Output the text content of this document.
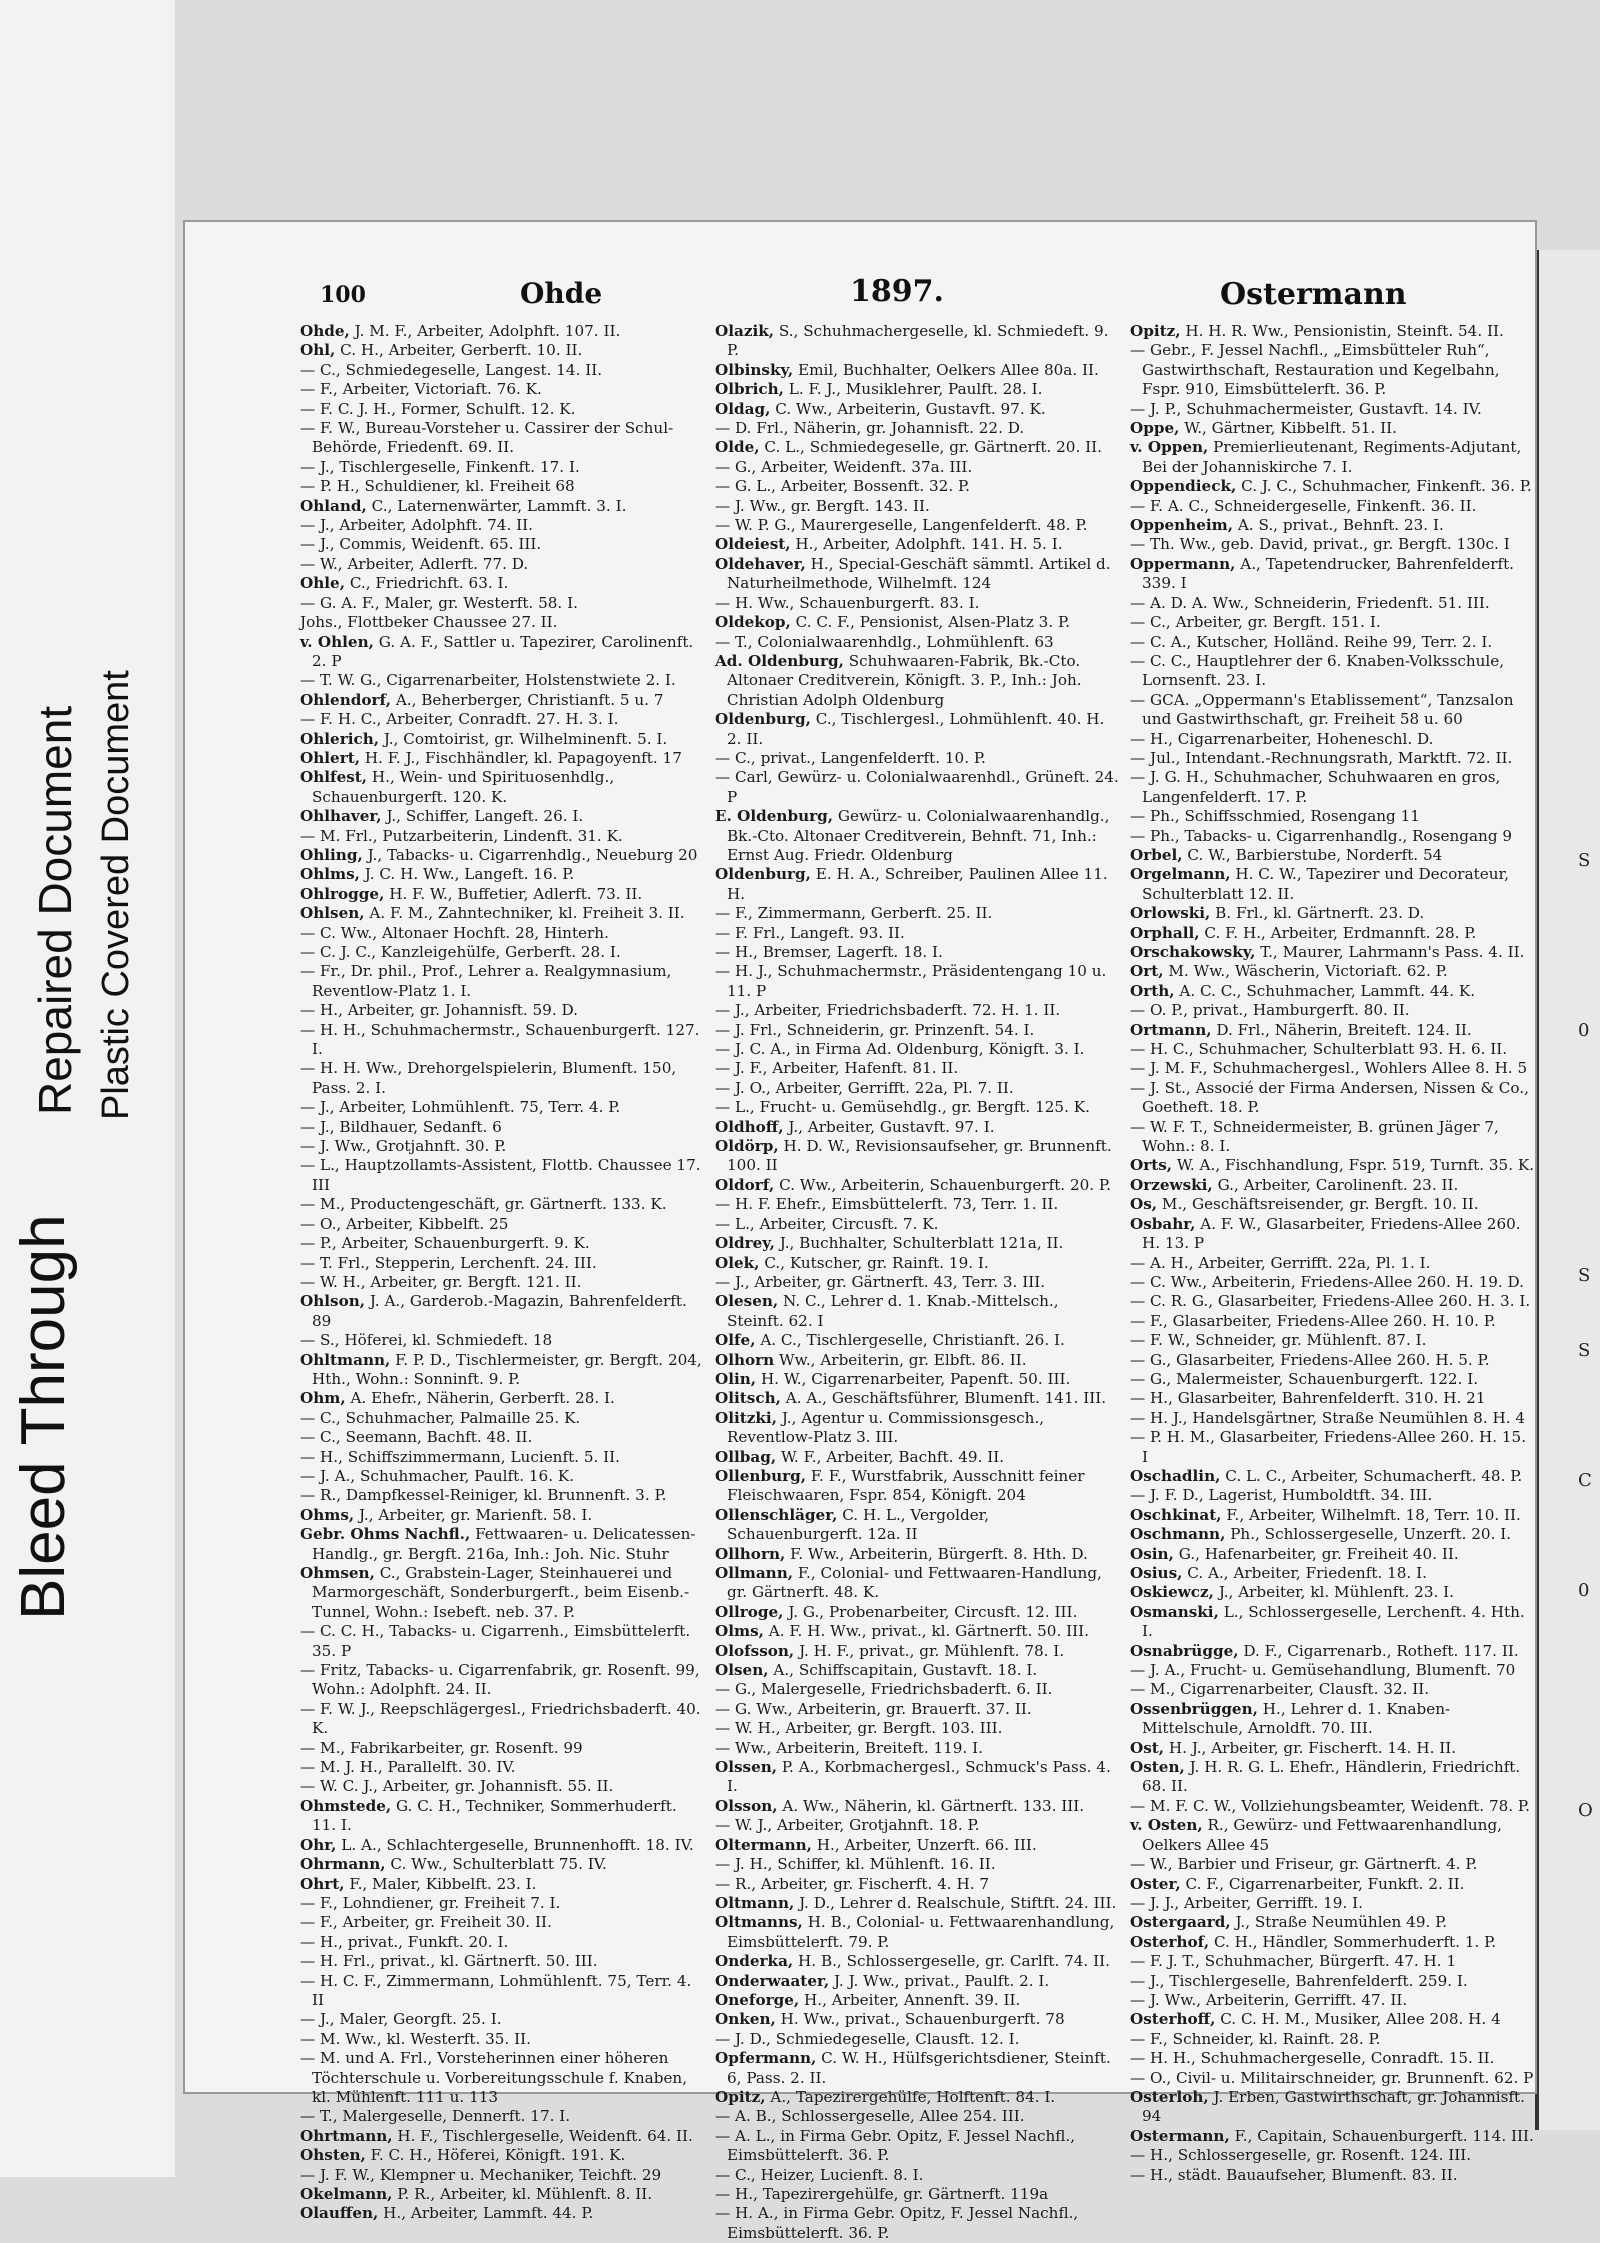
Bleed Through
Repaired Document Plastic Covered Document	S
0
S
S
C
0
O
100	Ohde	1897.	Ostermann
Ohde, J. M. F., Arbeiter, Adolphft. 107. II.
Ohl, C. H., Arbeiter, Gerberft. 10. II.
— C., Schmiedegeselle, Langest. 14. II.
— F., Arbeiter, Victoriaft. 76. K.
— F. C. J. H., Former, Schulft. 12. K.
— F. W., Bureau-Vorsteher u. Cassirer der Schul-Behörde, Friedenft. 69. II.
— J., Tischlergeselle, Finkenft. 17. I.
— P. H., Schuldiener, kl. Freiheit 68
Ohland, C., Laternenwärter, Lammft. 3. I.
— J., Arbeiter, Adolphft. 74. II.
— J., Commis, Weidenft. 65. III.
— W., Arbeiter, Adlerft. 77. D.
Ohle, C., Friedrichft. 63. I.
— G. A. F., Maler, gr. Westerft. 58. I.
Johs., Flottbeker Chaussee 27. II.
v. Ohlen, G. A. F., Sattler u. Tapezirer, Carolinenft. 2. P
— T. W. G., Cigarrenarbeiter, Holstenstwiete 2. I.
Ohlendorf, A., Beherberger, Christianft. 5 u. 7
— F. H. C., Arbeiter, Conradft. 27. H. 3. I.
Ohlerich, J., Comtoirist, gr. Wilhelminenft. 5. I.
Ohlert, H. F. J., Fischhändler, kl. Papagoyenft. 17
Ohlfest, H., Wein- und Spirituosenhdlg., Schauenburgerft. 120. K.
Ohlhaver, J., Schiffer, Langeft. 26. I.
— M. Frl., Putzarbeiterin, Lindenft. 31. K.
Ohling, J., Tabacks- u. Cigarrenhdlg., Neueburg 20
Ohlms, J. C. H. Ww., Langeft. 16. P.
Ohlrogge, H. F. W., Buffetier, Adlerft. 73. II.
Ohlsen, A. F. M., Zahntechniker, kl. Freiheit 3. II.
— C. Ww., Altonaer Hochft. 28, Hinterh.
— C. J. C., Kanzleigehülfe, Gerberft. 28. I.
— Fr., Dr. phil., Prof., Lehrer a. Realgymnasium, Reventlow-Platz 1. I.
— H., Arbeiter, gr. Johannisft. 59. D.
— H. H., Schuhmachermstr., Schauenburgerft. 127. I.
— H. H. Ww., Drehorgelspielerin, Blumenft. 150, Pass. 2. I.
— J., Arbeiter, Lohmühlenft. 75, Terr. 4. P.
— J., Bildhauer, Sedanft. 6
— J. Ww., Grotjahnft. 30. P.
— L., Hauptzollamts-Assistent, Flottb. Chaussee 17. III
— M., Productengeschäft, gr. Gärtnerft. 133. K.
— O., Arbeiter, Kibbelft. 25
— P., Arbeiter, Schauenburgerft. 9. K.
— T. Frl., Stepperin, Lerchenft. 24. III.
— W. H., Arbeiter, gr. Bergft. 121. II.
Ohlson, J. A., Garderob.-Magazin, Bahrenfelderft. 89
— S., Höferei, kl. Schmiedeft. 18
Ohltmann, F. P. D., Tischlermeister, gr. Bergft. 204, Hth., Wohn.: Sonninft. 9. P.
Ohm, A. Ehefr., Näherin, Gerberft. 28. I.
— C., Schuhmacher, Palmaille 25. K.
— C., Seemann, Bachft. 48. II.
— H., Schiffszimmermann, Lucienft. 5. II.
— J. A., Schuhmacher, Paulft. 16. K.
— R., Dampfkessel-Reiniger, kl. Brunnenft. 3. P.
Ohms, J., Arbeiter, gr. Marienft. 58. I.
Gebr. Ohms Nachfl., Fettwaaren- u. Delicatessen-Handlg., gr. Bergft. 216a, Inh.: Joh. Nic. Stuhr
Ohmsen, C., Grabstein-Lager, Steinhauerei und Marmorgeschäft, Sonderburgerft., beim Eisenb.-Tunnel, Wohn.: Isebeft. neb. 37. P.
— C. C. H., Tabacks- u. Cigarrenh., Eimsbüttelerft. 35. P
— Fritz, Tabacks- u. Cigarrenfabrik, gr. Rosenft. 99, Wohn.: Adolphft. 24. II.
— F. W. J., Reepschlägergesl., Friedrichsbaderft. 40. K.
— M., Fabrikarbeiter, gr. Rosenft. 99
— M. J. H., Parallelft. 30. IV.
— W. C. J., Arbeiter, gr. Johannisft. 55. II.
Ohmstede, G. C. H., Techniker, Sommerhuderft. 11. I.
Ohr, L. A., Schlachtergeselle, Brunnenhofft. 18. IV.
Ohrmann, C. Ww., Schulterblatt 75. IV.
Ohrt, F., Maler, Kibbelft. 23. I.
— F., Lohndiener, gr. Freiheit 7. I.
— F., Arbeiter, gr. Freiheit 30. II.
— H., privat., Funkft. 20. I.
— H. Frl., privat., kl. Gärtnerft. 50. III.
— H. C. F., Zimmermann, Lohmühlenft. 75, Terr. 4. II
— J., Maler, Georgft. 25. I.
— M. Ww., kl. Westerft. 35. II.
— M. und A. Frl., Vorsteherinnen einer höheren Töchterschule u. Vorbereitungsschule f. Knaben, kl. Mühlenft. 111 u. 113
— T., Malergeselle, Dennerft. 17. I.
Ohrtmann, H. F., Tischlergeselle, Weidenft. 64. II.
Ohsten, F. C. H., Höferei, Königft. 191. K.
— J. F. W., Klempner u. Mechaniker, Teichft. 29
Okelmann, P. R., Arbeiter, kl. Mühlenft. 8. II.
Olauffen, H., Arbeiter, Lammft. 44. P.
Olazik, S., Schuhmachergeselle, kl. Schmiedeft. 9. P.
Olbinsky, Emil, Buchhalter, Oelkers Allee 80a. II.
Olbrich, L. F. J., Musiklehrer, Paulft. 28. I.
Oldag, C. Ww., Arbeiterin, Gustavft. 97. K.
— D. Frl., Näherin, gr. Johannisft. 22. D.
Olde, C. L., Schmiedegeselle, gr. Gärtnerft. 20. II.
— G., Arbeiter, Weidenft. 37a. III.
— G. L., Arbeiter, Bossenft. 32. P.
— J. Ww., gr. Bergft. 143. II.
— W. P. G., Maurergeselle, Langenfelderft. 48. P.
Oldeiest, H., Arbeiter, Adolphft. 141. H. 5. I.
Oldehaver, H., Special-Geschäft sämmtl. Artikel d. Naturheilmethode, Wilhelmft. 124
— H. Ww., Schauenburgerft. 83. I.
Oldekop, C. C. F., Pensionist, Alsen-Platz 3. P.
— T., Colonialwaarenhdlg., Lohmühlenft. 63
Ad. Oldenburg, Schuhwaaren-Fabrik, Bk.-Cto. Altonaer Creditverein, Königft. 3. P., Inh.: Joh. Christian Adolph Oldenburg
Oldenburg, C., Tischlergesl., Lohmühlenft. 40. H. 2. II.
— C., privat., Langenfelderft. 10. P.
— Carl, Gewürz- u. Colonialwaarenhdl., Grüneft. 24. P
E. Oldenburg, Gewürz- u. Colonialwaarenhandlg., Bk.-Cto. Altonaer Creditverein, Behnft. 71, Inh.: Ernst Aug. Friedr. Oldenburg
Oldenburg, E. H. A., Schreiber, Paulinen Allee 11. H.
— F., Zimmermann, Gerberft. 25. II.
— F. Frl., Langeft. 93. II.
— H., Bremser, Lagerft. 18. I.
— H. J., Schuhmachermstr., Präsidentengang 10 u. 11. P
— J., Arbeiter, Friedrichsbaderft. 72. H. 1. II.
— J. Frl., Schneiderin, gr. Prinzenft. 54. I.
— J. C. A., in Firma Ad. Oldenburg, Königft. 3. I.
— J. F., Arbeiter, Hafenft. 81. II.
— J. O., Arbeiter, Gerrifft. 22a, Pl. 7. II.
— L., Frucht- u. Gemüsehdlg., gr. Bergft. 125. K.
Oldhoff, J., Arbeiter, Gustavft. 97. I.
Oldörp, H. D. W., Revisionsaufseher, gr. Brunnenft. 100. II
Oldorf, C. Ww., Arbeiterin, Schauenburgerft. 20. P.
— H. F. Ehefr., Eimsbüttelerft. 73, Terr. 1. II.
— L., Arbeiter, Circusft. 7. K.
Oldrey, J., Buchhalter, Schulterblatt 121a, II.
Olek, C., Kutscher, gr. Rainft. 19. I.
— J., Arbeiter, gr. Gärtnerft. 43, Terr. 3. III.
Olesen, N. C., Lehrer d. 1. Knab.-Mittelsch., Steinft. 62. I
Olfe, A. C., Tischlergeselle, Christianft. 26. I.
Olhorn Ww., Arbeiterin, gr. Elbft. 86. II.
Olin, H. W., Cigarrenarbeiter, Papenft. 50. III.
Olitsch, A. A., Geschäftsführer, Blumenft. 141. III.
Olitzki, J., Agentur u. Commissionsgesch., Reventlow-Platz 3. III.
Ollbag, W. F., Arbeiter, Bachft. 49. II.
Ollenburg, F. F., Wurstfabrik, Ausschnitt feiner Fleischwaaren, Fspr. 854, Königft. 204
Ollenschläger, C. H. L., Vergolder, Schauenburgerft. 12a. II
Ollhorn, F. Ww., Arbeiterin, Bürgerft. 8. Hth. D.
Ollmann, F., Colonial- und Fettwaaren-Handlung, gr. Gärtnerft. 48. K.
Ollroge, J. G., Probenarbeiter, Circusft. 12. III.
Olms, A. F. H. Ww., privat., kl. Gärtnerft. 50. III.
Olofsson, J. H. F., privat., gr. Mühlenft. 78. I.
Olsen, A., Schiffscapitain, Gustavft. 18. I.
— G., Malergeselle, Friedrichsbaderft. 6. II.
— G. Ww., Arbeiterin, gr. Brauerft. 37. II.
— W. H., Arbeiter, gr. Bergft. 103. III.
— Ww., Arbeiterin, Breiteft. 119. I.
Olssen, P. A., Korbmachergesl., Schmuck's Pass. 4. I.
Olsson, A. Ww., Näherin, kl. Gärtnerft. 133. III.
— W. J., Arbeiter, Grotjahnft. 18. P.
Oltermann, H., Arbeiter, Unzerft. 66. III.
— J. H., Schiffer, kl. Mühlenft. 16. II.
— R., Arbeiter, gr. Fischerft. 4. H. 7
Oltmann, J. D., Lehrer d. Realschule, Stiftft. 24. III.
Oltmanns, H. B., Colonial- u. Fettwaarenhandlung, Eimsbüttelerft. 79. P.
Onderka, H. B., Schlossergeselle, gr. Carlft. 74. II.
Onderwaater, J. J. Ww., privat., Paulft. 2. I.
Oneforge, H., Arbeiter, Annenft. 39. II.
Onken, H. Ww., privat., Schauenburgerft. 78
— J. D., Schmiedegeselle, Clausft. 12. I.
Opfermann, C. W. H., Hülfsgerichtsdiener, Steinft. 6, Pass. 2. II.
Opitz, A., Tapezirergehülfe, Holftenft. 84. I.
— A. B., Schlossergeselle, Allee 254. III.
— A. L., in Firma Gebr. Opitz, F. Jessel Nachfl., Eimsbüttelerft. 36. P.
— C., Heizer, Lucienft. 8. I.
— H., Tapezirergehülfe, gr. Gärtnerft. 119a
— H. A., in Firma Gebr. Opitz, F. Jessel Nachfl., Eimsbüttelerft. 36. P.
Opitz, H. H. R. Ww., Pensionistin, Steinft. 54. II.
— Gebr., F. Jessel Nachfl., „Eimsbütteler Ruh“, Gastwirthschaft, Restauration und Kegelbahn, Fspr. 910, Eimsbüttelerft. 36. P.
— J. P., Schuhmachermeister, Gustavft. 14. IV.
Oppe, W., Gärtner, Kibbelft. 51. II.
v. Oppen, Premierlieutenant, Regiments-Adjutant, Bei der Johanniskirche 7. I.
Oppendieck, C. J. C., Schuhmacher, Finkenft. 36. P.
— F. A. C., Schneidergeselle, Finkenft. 36. II.
Oppenheim, A. S., privat., Behnft. 23. I.
— Th. Ww., geb. David, privat., gr. Bergft. 130c. I
Oppermann, A., Tapetendrucker, Bahrenfelderft. 339. I
— A. D. A. Ww., Schneiderin, Friedenft. 51. III.
— C., Arbeiter, gr. Bergft. 151. I.
— C. A., Kutscher, Holländ. Reihe 99, Terr. 2. I.
— C. C., Hauptlehrer der 6. Knaben-Volksschule, Lornsenft. 23. I.
— GCA. „Oppermann's Etablissement“, Tanzsalon und Gastwirthschaft, gr. Freiheit 58 u. 60
— H., Cigarrenarbeiter, Hoheneschl. D.
— Jul., Intendant.-Rechnungsrath, Marktft. 72. II.
— J. G. H., Schuhmacher, Schuhwaaren en gros, Langenfelderft. 17. P.
— Ph., Schiffsschmied, Rosengang 11
— Ph., Tabacks- u. Cigarrenhandlg., Rosengang 9
Orbel, C. W., Barbierstube, Norderft. 54
Orgelmann, H. C. W., Tapezirer und Decorateur, Schulterblatt 12. II.
Orlowski, B. Frl., kl. Gärtnerft. 23. D.
Orphall, C. F. H., Arbeiter, Erdmannft. 28. P.
Orschakowsky, T., Maurer, Lahrmann's Pass. 4. II.
Ort, M. Ww., Wäscherin, Victoriaft. 62. P.
Orth, A. C. C., Schuhmacher, Lammft. 44. K.
— O. P., privat., Hamburgerft. 80. II.
Ortmann, D. Frl., Näherin, Breiteft. 124. II.
— H. C., Schuhmacher, Schulterblatt 93. H. 6. II.
— J. M. F., Schuhmachergesl., Wohlers Allee 8. H. 5
— J. St., Associé der Firma Andersen, Nissen & Co., Goetheft. 18. P.
— W. F. T., Schneidermeister, B. grünen Jäger 7, Wohn.: 8. I.
Orts, W. A., Fischhandlung, Fspr. 519, Turnft. 35. K.
Orzewski, G., Arbeiter, Carolinenft. 23. II.
Os, M., Geschäftsreisender, gr. Bergft. 10. II.
Osbahr, A. F. W., Glasarbeiter, Friedens-Allee 260. H. 13. P
— A. H., Arbeiter, Gerrifft. 22a, Pl. 1. I.
— C. Ww., Arbeiterin, Friedens-Allee 260. H. 19. D.
— C. R. G., Glasarbeiter, Friedens-Allee 260. H. 3. I.
— F., Glasarbeiter, Friedens-Allee 260. H. 10. P.
— F. W., Schneider, gr. Mühlenft. 87. I.
— G., Glasarbeiter, Friedens-Allee 260. H. 5. P.
— G., Malermeister, Schauenburgerft. 122. I.
— H., Glasarbeiter, Bahrenfelderft. 310. H. 21
— H. J., Handelsgärtner, Straße Neumühlen 8. H. 4
— P. H. M., Glasarbeiter, Friedens-Allee 260. H. 15. I
Oschadlin, C. L. C., Arbeiter, Schumacherft. 48. P.
— J. F. D., Lagerist, Humboldtft. 34. III.
Oschkinat, F., Arbeiter, Wilhelmft. 18, Terr. 10. II.
Oschmann, Ph., Schlossergeselle, Unzerft. 20. I.
Osin, G., Hafenarbeiter, gr. Freiheit 40. II.
Osius, C. A., Arbeiter, Friedenft. 18. I.
Oskiewcz, J., Arbeiter, kl. Mühlenft. 23. I.
Osmanski, L., Schlossergeselle, Lerchenft. 4. Hth. I.
Osnabrügge, D. F., Cigarrenarb., Rotheft. 117. II.
— J. A., Frucht- u. Gemüsehandlung, Blumenft. 70
— M., Cigarrenarbeiter, Clausft. 32. II.
Ossenbrüggen, H., Lehrer d. 1. Knaben-Mittelschule, Arnoldft. 70. III.
Ost, H. J., Arbeiter, gr. Fischerft. 14. H. II.
Osten, J. H. R. G. L. Ehefr., Händlerin, Friedrichft. 68. II.
— M. F. C. W., Vollziehungsbeamter, Weidenft. 78. P.
v. Osten, R., Gewürz- und Fettwaarenhandlung, Oelkers Allee 45
— W., Barbier und Friseur, gr. Gärtnerft. 4. P.
Oster, C. F., Cigarrenarbeiter, Funkft. 2. II.
— J. J., Arbeiter, Gerrifft. 19. I.
Ostergaard, J., Straße Neumühlen 49. P.
Osterhof, C. H., Händler, Sommerhuderft. 1. P.
— F. J. T., Schuhmacher, Bürgerft. 47. H. 1
— J., Tischlergeselle, Bahrenfelderft. 259. I.
— J. Ww., Arbeiterin, Gerrifft. 47. II.
Osterhoff, C. C. H. M., Musiker, Allee 208. H. 4
— F., Schneider, kl. Rainft. 28. P.
— H. H., Schuhmachergeselle, Conradft. 15. II.
— O., Civil- u. Militairschneider, gr. Brunnenft. 62. P
Osterloh, J. Erben, Gastwirthschaft, gr. Johannisft. 94
Ostermann, F., Capitain, Schauenburgerft. 114. III.
— H., Schlossergeselle, gr. Rosenft. 124. III.
— H., städt. Bauaufseher, Blumenft. 83. II.
